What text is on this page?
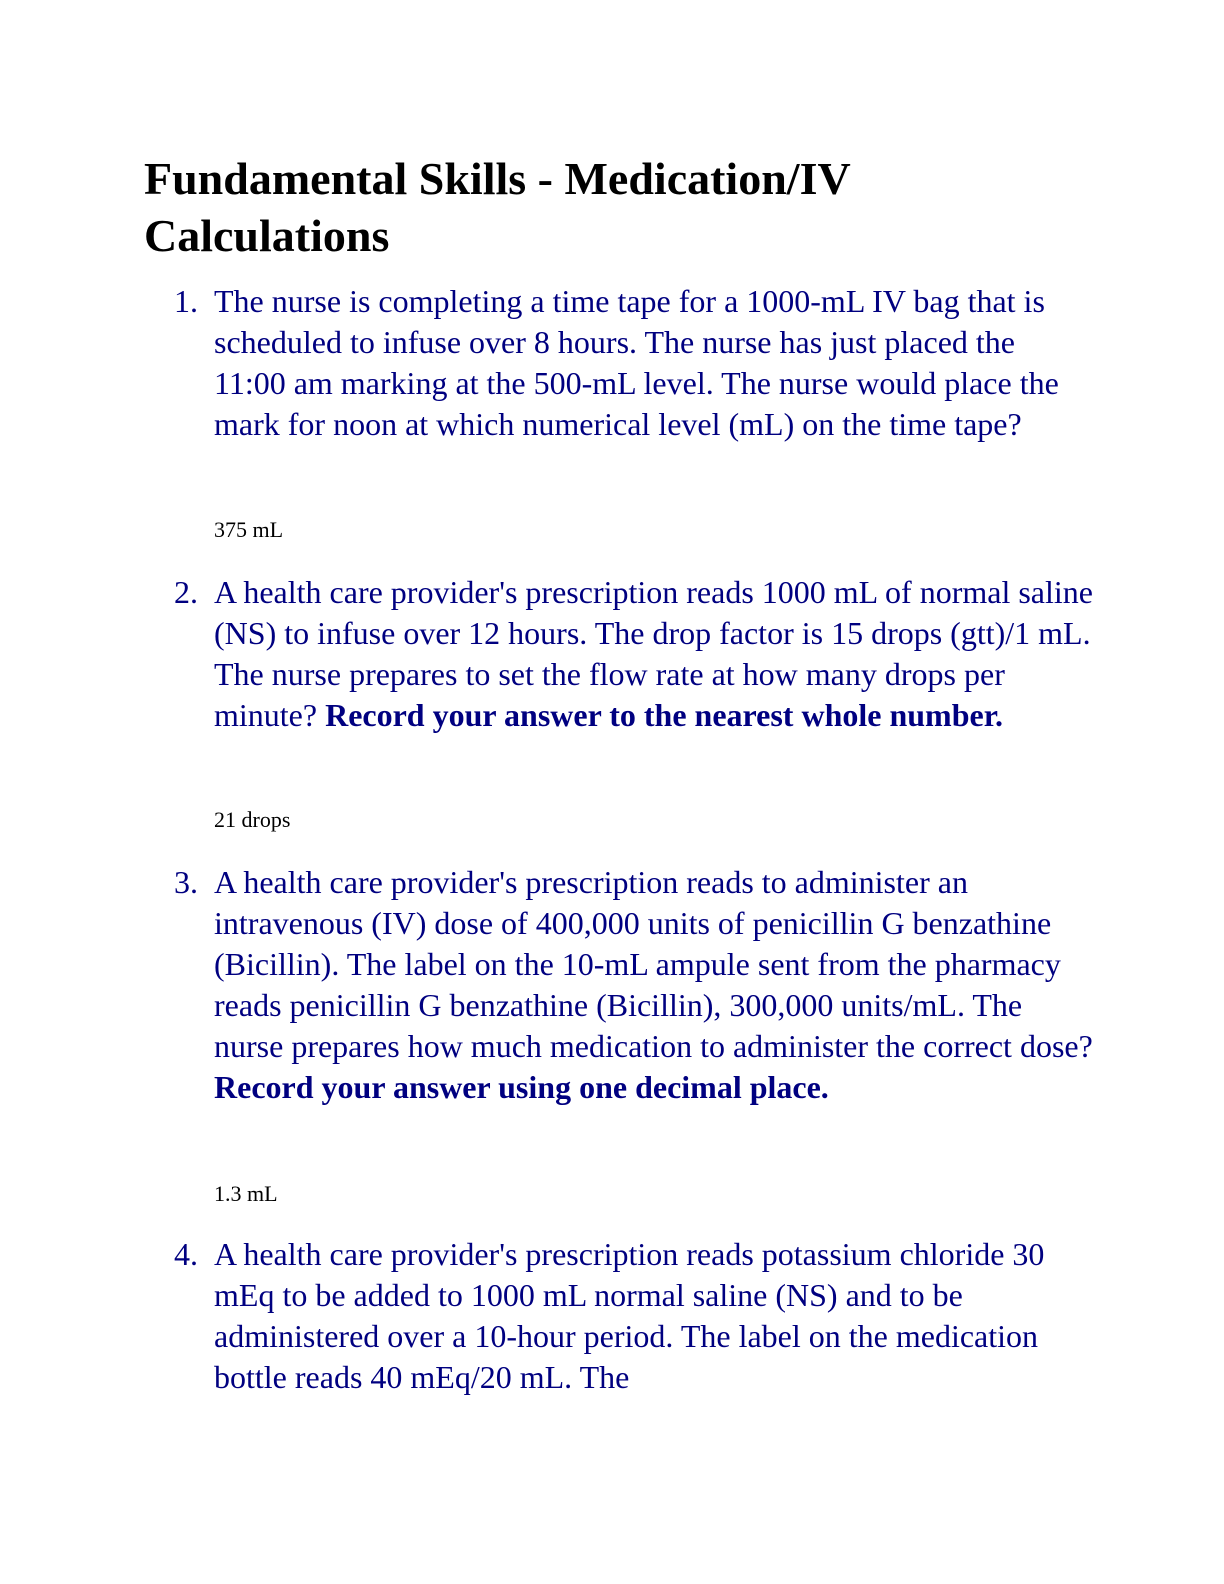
Fundamental Skills - Medication/IV Calculations
1. The nurse is completing a time tape for a 1000-mL IV bag that is scheduled to infuse over 8 hours. The nurse has just placed the 11:00 am marking at the 500-mL level. The nurse would place the mark for noon at which numerical level (mL) on the time tape?
375 mL
2. A health care provider's prescription reads 1000 mL of normal saline (NS) to infuse over 12 hours. The drop factor is 15 drops (gtt)/1 mL. The nurse prepares to set the flow rate at how many drops per minute? Record your answer to the nearest whole number.
21 drops
3. A health care provider's prescription reads to administer an intravenous (IV) dose of 400,000 units of penicillin G benzathine (Bicillin). The label on the 10-mL ampule sent from the pharmacy reads penicillin G benzathine (Bicillin), 300,000 units/mL. The nurse prepares how much medication to administer the correct dose? Record your answer using one decimal place.
1.3 mL
4. A health care provider's prescription reads potassium chloride 30 mEq to be added to 1000 mL normal saline (NS) and to be administered over a 10-hour period. The label on the medication bottle reads 40 mEq/20 mL. The
